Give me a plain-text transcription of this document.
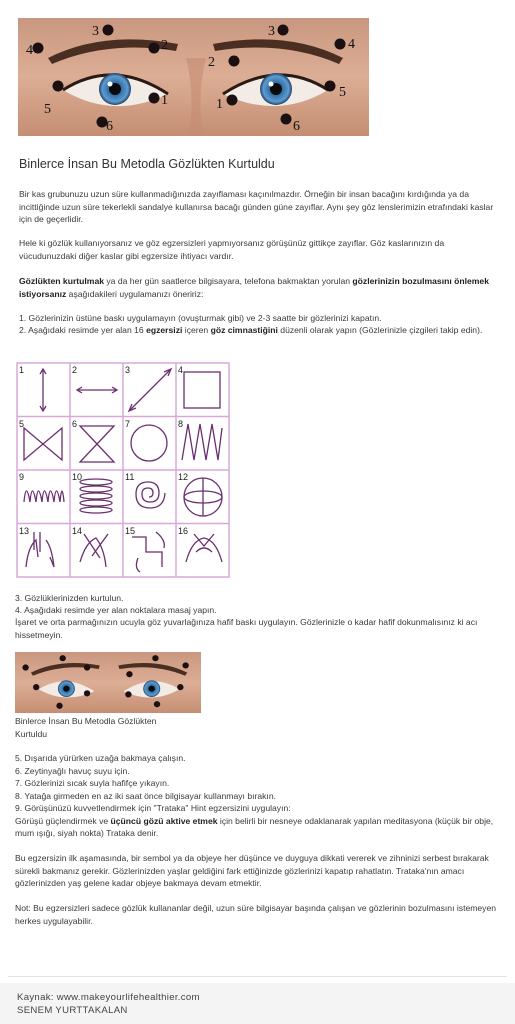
3
2
4
5
1
6
3
2
4
5
1
6
Binlerce İnsan Bu Metodla Gözlükten Kurtuldu

Bir kas grubunuzu uzun süre kullanmadığınızda zayıflaması kaçınılmazdır. Örneğin bir insan bacağını kırdığında ya da incittiğinde uzun süre tekerlekli sandalye kullanırsa bacağı günden güne zayıflar. Aynı şey göz lenslerimizin etrafındaki kaslar için de geçerlidir.

Hele ki gözlük kullanıyorsanız ve göz egzersizleri yapmıyorsanız görüşünüz gittikçe zayıflar. Göz kaslarınızın da vücudunuzdaki diğer kaslar gibi egzersize ihtiyacı vardır.

Gözlükten kurtulmak ya da her gün saatlerce bilgisayara, telefona bakmaktan yorulan gözlerinizin bozulmasını önlemek istiyorsanız aşağıdakileri uygulamanızı öneririz:

1. Gözlerinizin üstüne baskı uygulamayın (ovuşturmak gibi) ve 2-3 saatte bir gözlerinizi kapatın.

2. Aşağıdaki resimde yer alan 16 egzersizi içeren göz cimnastiğini düzenli olarak yapın (Gözlerinizle çizgileri takip edin).

1	2	3	4
5	6	7	8
9	10	11	12
13	14	15	16

3. Gözlüklerinizden kurtulun.

4. Aşağıdaki resimde yer alan noktalara masaj yapın.

İşaret ve orta parmağınızın ucuyla göz yuvarlağınıza hafif baskı uygulayın. Gözlerinizle o kadar hafif dokunmalısınız ki acı hissetmeyin.

Binlerce İnsan Bu Metodla Gözlükten Kurtuldu

5. Dışarıda yürürken uzağa bakmaya çalışın.

6. Zeytinyağlı havuç suyu için.

7. Gözlerinizi sıcak suyla hafifçe yıkayın.

8. Yatağa girmeden en az iki saat önce bilgisayar kullanmayı bırakın.

9. Görüşünüzü kuvvetlendirmek için "Trataka" Hint egzersizini uygulayın:

Görüşü güçlendirmek ve üçüncü gözü aktive etmek için belirli bir nesneye odaklanarak yapılan meditasyona (küçük bir obje, mum ışığı, siyah nokta) Trataka denir.

Bu egzersizin ilk aşamasında, bir sembol ya da objeye her düşünce ve duyguya dikkati vererek ve zihninizi serbest bırakarak sürekli bakmanız gerekir. Gözlerinizden yaşlar geldiğini fark ettiğinizde gözlerinizi kapatıp rahatlatın. Trataka'nın amacı gözlerinizden yaş gelene kadar objeye bakmaya devam etmektir.

Not: Bu egzersizleri sadece gözlük kullananlar değil, uzun süre bilgisayar başında çalışan ve gözlerinin bozulmasını istemeyen herkes uygulayabilir.

Kaynak: www.makeyourlifehealthier.com
SENEM YURTTAKALAN
